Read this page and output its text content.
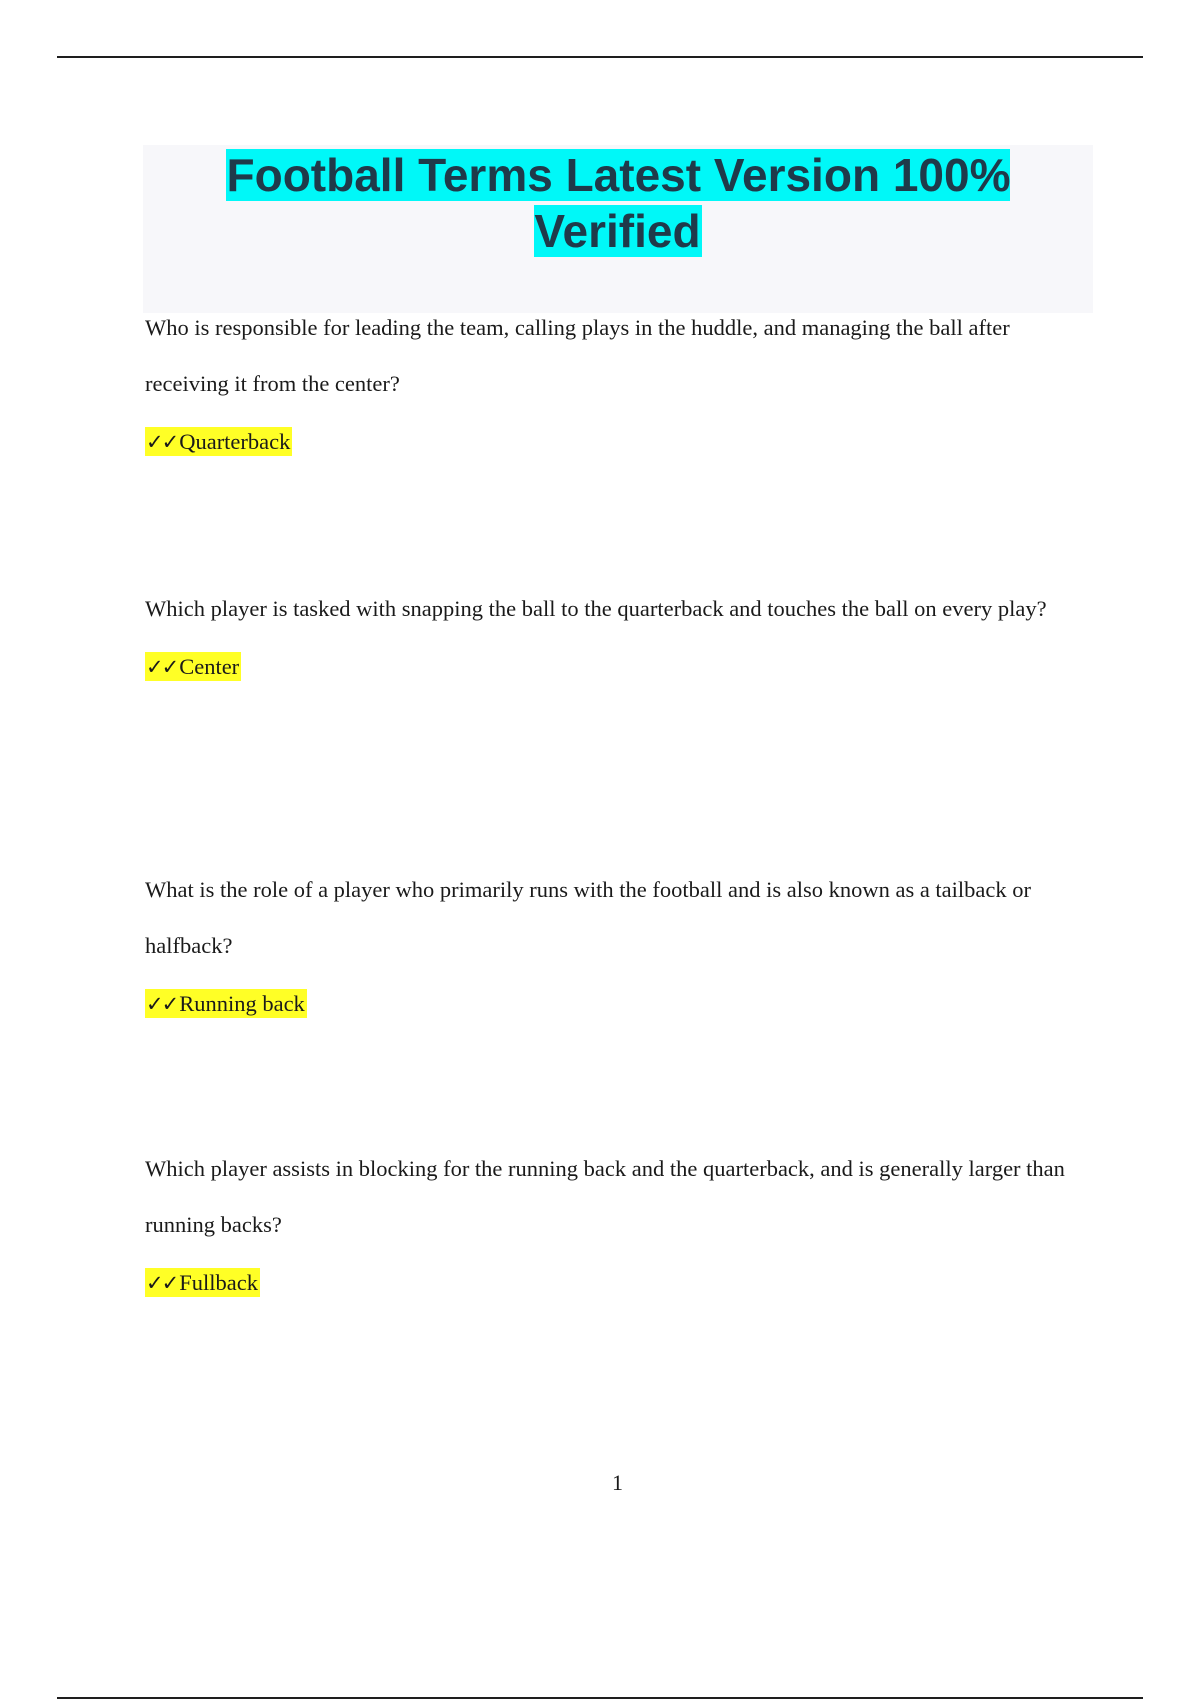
Football Terms Latest Version 100% Verified

Who is responsible for leading the team, calling plays in the huddle, and managing the ball after receiving it from the center?

✓✓Quarterback

Which player is tasked with snapping the ball to the quarterback and touches the ball on every play?

✓✓Center

What is the role of a player who primarily runs with the football and is also known as a tailback or halfback?

✓✓Running back

Which player assists in blocking for the running back and the quarterback, and is generally larger than running backs?

✓✓Fullback

1
